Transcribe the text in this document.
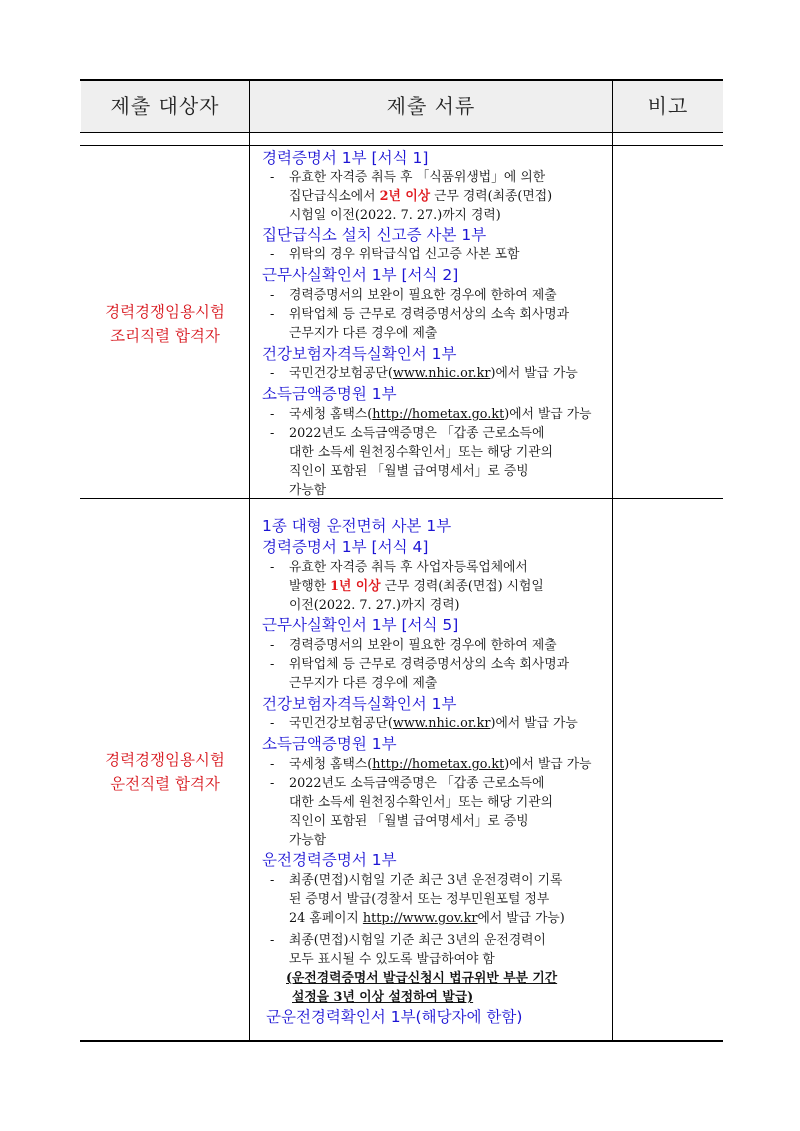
제출 대상자	제출 서류	비고
경력경쟁임용시험
조리직렬 합격자
경력증명서 1부 [서식 1]
- 유효한 자격증 취득 후 「식품위생법」에 의한
집단급식소에서 2년 이상 근무 경력(최종(면접)
시험일 이전(2022. 7. 27.)까지 경력)
집단급식소 설치 신고증 사본 1부
- 위탁의 경우 위탁급식업 신고증 사본 포함
근무사실확인서 1부 [서식 2]
- 경력증명서의 보완이 필요한 경우에 한하여 제출
- 위탁업체 등 근무로 경력증명서상의 소속 회사명과
근무지가 다른 경우에 제출
건강보험자격득실확인서 1부
- 국민건강보험공단(www.nhic.or.kr)에서 발급 가능
소득금액증명원 1부
- 국세청 홈택스(http://hometax.go.kt)에서 발급 가능
- 2022년도 소득금액증명은 「갑종 근로소득에
대한 소득세 원천징수확인서」또는 해당 기관의
직인이 포함된 「월별 급여명세서」로 증빙
가능함
경력경쟁임용시험
운전직렬 합격자
1종 대형 운전면허 사본 1부
경력증명서 1부 [서식 4]
- 유효한 자격증 취득 후 사업자등록업체에서
발행한 1년 이상 근무 경력(최종(면접) 시험일
이전(2022. 7. 27.)까지 경력)
근무사실확인서 1부 [서식 5]
- 경력증명서의 보완이 필요한 경우에 한하여 제출
- 위탁업체 등 근무로 경력증명서상의 소속 회사명과
근무지가 다른 경우에 제출
건강보험자격득실확인서 1부
- 국민건강보험공단(www.nhic.or.kr)에서 발급 가능
소득금액증명원 1부
- 국세청 홈택스(http://hometax.go.kt)에서 발급 가능
- 2022년도 소득금액증명은 「갑종 근로소득에
대한 소득세 원천징수확인서」또는 해당 기관의
직인이 포함된 「월별 급여명세서」로 증빙
가능함
운전경력증명서 1부
- 최종(면접)시험일 기준 최근 3년 운전경력이 기록
된 증명서 발급(경찰서 또는 정부민원포털 정부
24 홈페이지 http://www.gov.kr에서 발급 가능)
- 최종(면접)시험일 기준 최근 3년의 운전경력이
모두 표시될 수 있도록 발급하여야 함
(운전경력증명서 발급신청시 법규위반 부분 기간
설정을 3년 이상 설정하여 발급)
군운전경력확인서 1부(해당자에 한함)
